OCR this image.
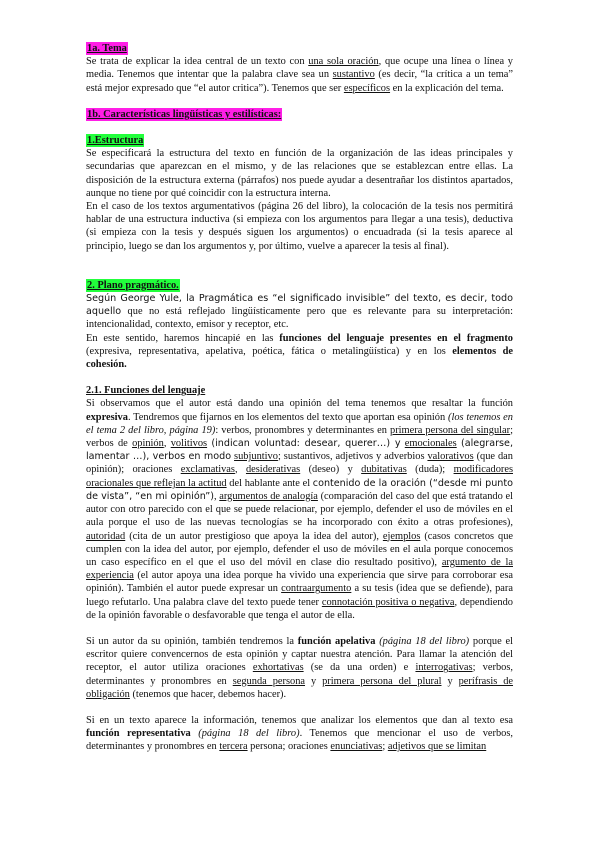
1a. Tema

Se trata de explicar la idea central de un texto con una sola oración, que ocupe una línea o línea y media. Tenemos que intentar que la palabra clave sea un sustantivo (es decir, “la crítica a un tema” está mejor expresado que “el autor critica”). Tenemos que ser específicos en la explicación del tema.

1b. Características lingüísticas y estilísticas:
1.Estructura

Se especificará la estructura del texto en función de la organización de las ideas principales y secundarias que aparezcan en el mismo, y de las relaciones que se establezcan entre ellas. La disposición de la estructura externa (párrafos) nos puede ayudar a desentrañar los distintos apartados, aunque no tiene por qué coincidir con la estructura interna.

En el caso de los textos argumentativos (página 26 del libro), la colocación de la tesis nos permitirá hablar de una estructura inductiva (si empieza con los argumentos para llegar a una tesis), deductiva (si empieza con la tesis y después siguen los argumentos) o encuadrada (si la tesis aparece al principio, luego se dan los argumentos y, por último, vuelve a aparecer la tesis al final).

2. Plano pragmático.

Según George Yule, la Pragmática es “el significado invisible” del texto, es decir, todo aquello que no está reflejado lingüísticamente pero que es relevante para su interpretación: intencionalidad, contexto, emisor y receptor, etc.

En este sentido, haremos hincapié en las funciones del lenguaje presentes en el fragmento (expresiva, representativa, apelativa, poética, fática o metalingüística) y en los elementos de cohesión.

2.1. Funciones del lenguaje

Si observamos que el autor está dando una opinión del tema tenemos que resaltar la función expresiva. Tendremos que fijarnos en los elementos del texto que aportan esa opinión (los tenemos en el tema 2 del libro, página 19): verbos, pronombres y determinantes en primera persona del singular; verbos de opinión, volitivos (indican voluntad: desear, querer…) y emocionales (alegrarse, lamentar …), verbos en modo subjuntivo; sustantivos, adjetivos y adverbios valorativos (que dan opinión); oraciones exclamativas, desiderativas (deseo) y dubitativas (duda); modificadores oracionales que reflejan la actitud del hablante ante el contenido de la oración (“desde mi punto de vista”, “en mi opinión”), argumentos de analogía (comparación del caso del que está tratando el autor con otro parecido con el que se puede relacionar, por ejemplo, defender el uso de móviles en el aula porque el uso de las nuevas tecnologías se ha incorporado con éxito a otras profesiones), autoridad (cita de un autor prestigioso que apoya la idea del autor), ejemplos (casos concretos que cumplen con la idea del autor, por ejemplo, defender el uso de móviles en el aula porque conocemos un caso específico en el que el uso del móvil en clase dio resultado positivo), argumento de la experiencia (el autor apoya una idea porque ha vivido una experiencia que sirve para corroborar esa opinión). También el autor puede expresar un contraargumento a su tesis (idea que se defiende), para luego refutarlo. Una palabra clave del texto puede tener connotación positiva o negativa, dependiendo de la opinión favorable o desfavorable que tenga el autor de ella.

Si un autor da su opinión, también tendremos la función apelativa (página 18 del libro) porque el escritor quiere convencernos de esta opinión y captar nuestra atención. Para llamar la atención del receptor, el autor utiliza oraciones exhortativas (se da una orden) e interrogativas; verbos, determinantes y pronombres en segunda persona y primera persona del plural y perífrasis de obligación (tenemos que hacer, debemos hacer).

Si en un texto aparece la información, tenemos que analizar los elementos que dan al texto esa función representativa (página 18 del libro). Tenemos que mencionar el uso de verbos, determinantes y pronombres en tercera persona; oraciones enunciativas; adjetivos que se limitan
